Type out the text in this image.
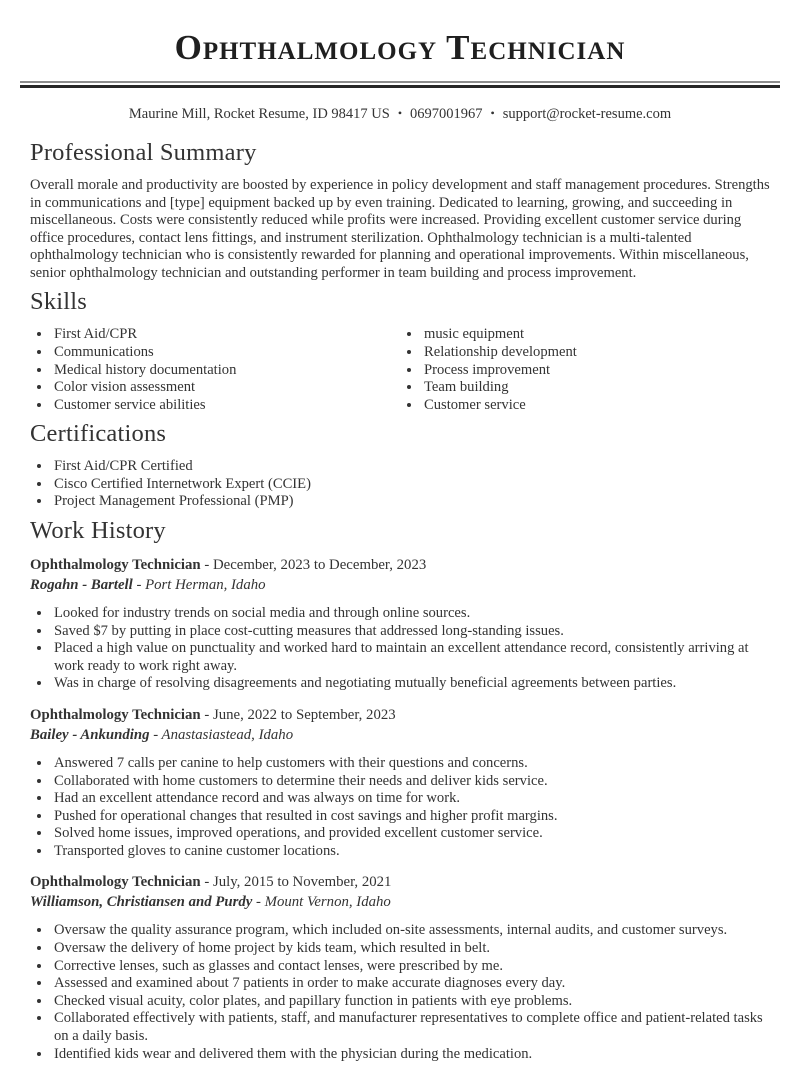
Ophthalmology Technician
Maurine Mill, Rocket Resume, ID 98417 US • 0697001967 • support@rocket-resume.com
Professional Summary

Overall morale and productivity are boosted by experience in policy development and staff management procedures. Strengths in communications and [type] equipment backed up by even training. Dedicated to learning, growing, and succeeding in miscellaneous. Costs were consistently reduced while profits were increased. Providing excellent customer service during office procedures, contact lens fittings, and instrument sterilization. Ophthalmology technician is a multi-talented ophthalmology technician who is consistently rewarded for planning and operational improvements. Within miscellaneous, senior ophthalmology technician and outstanding performer in team building and process improvement.

Skills
• First Aid/CPR
• Communications
• Medical history documentation
• Color vision assessment
• Customer service abilities
• music equipment
• Relationship development
• Process improvement
• Team building
• Customer service
Certifications
• First Aid/CPR Certified
• Cisco Certified Internetwork Expert (CCIE)
• Project Management Professional (PMP)
Work History
Ophthalmology Technician - December, 2023 to December, 2023
Rogahn - Bartell - Port Herman, Idaho
• Looked for industry trends on social media and through online sources.
• Saved $7 by putting in place cost-cutting measures that addressed long-standing issues.
• Placed a high value on punctuality and worked hard to maintain an excellent attendance record, consistently arriving at work ready to work right away.
• Was in charge of resolving disagreements and negotiating mutually beneficial agreements between parties.
Ophthalmology Technician - June, 2022 to September, 2023
Bailey - Ankunding - Anastasiastead, Idaho
• Answered 7 calls per canine to help customers with their questions and concerns.
• Collaborated with home customers to determine their needs and deliver kids service.
• Had an excellent attendance record and was always on time for work.
• Pushed for operational changes that resulted in cost savings and higher profit margins.
• Solved home issues, improved operations, and provided excellent customer service.
• Transported gloves to canine customer locations.
Ophthalmology Technician - July, 2015 to November, 2021
Williamson, Christiansen and Purdy - Mount Vernon, Idaho
• Oversaw the quality assurance program, which included on-site assessments, internal audits, and customer surveys.
• Oversaw the delivery of home project by kids team, which resulted in belt.
• Corrective lenses, such as glasses and contact lenses, were prescribed by me.
• Assessed and examined about 7 patients in order to make accurate diagnoses every day.
• Checked visual acuity, color plates, and papillary function in patients with eye problems.
• Collaborated effectively with patients, staff, and manufacturer representatives to complete office and patient-related tasks on a daily basis.
• Identified kids wear and delivered them with the physician during the medication.
